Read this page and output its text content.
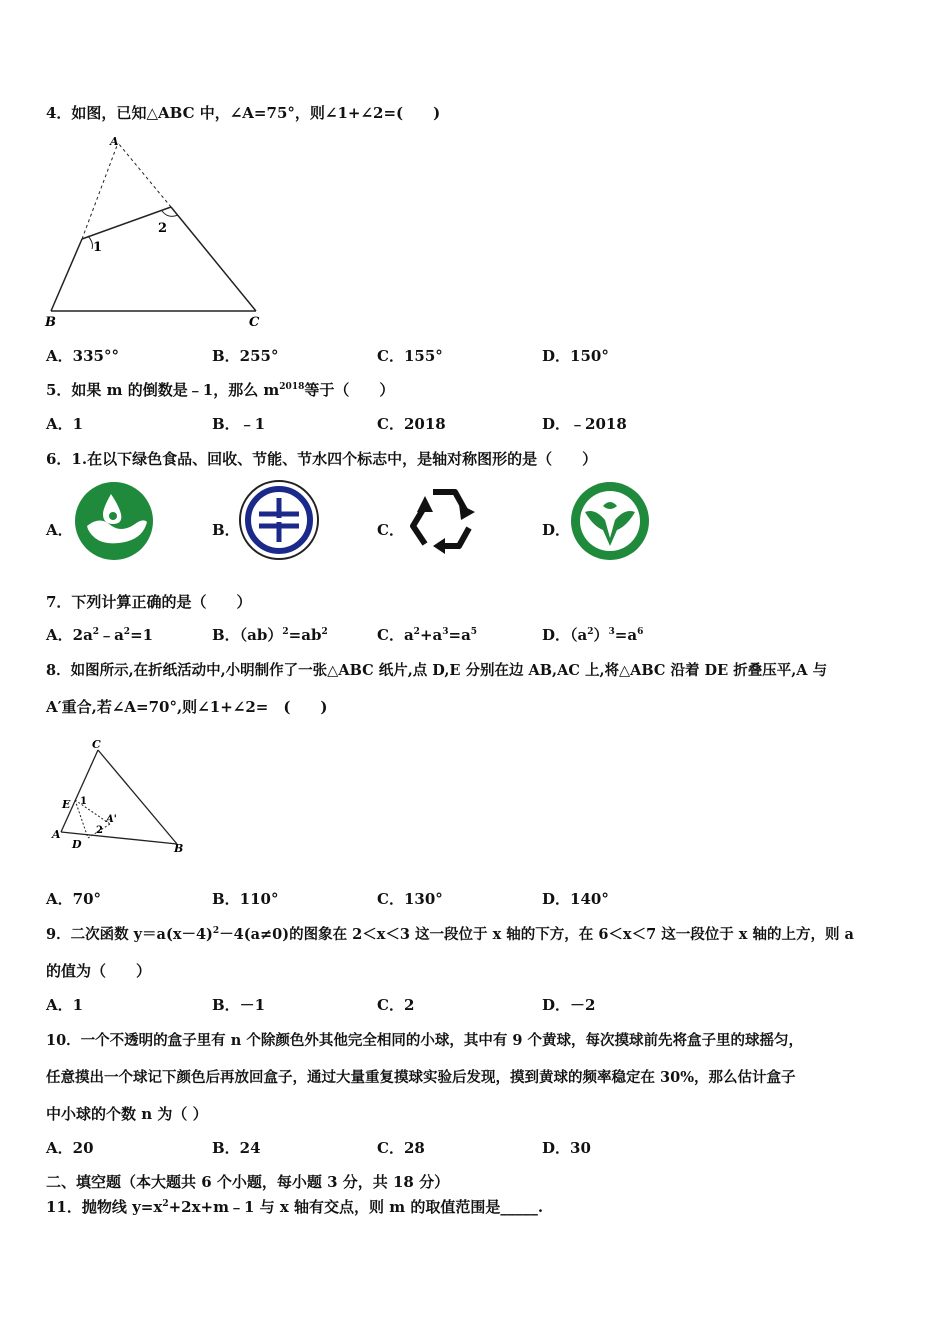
4．如图，已知△ABC 中，∠A=75°，则∠1+∠2=(　　)
A
B	C
1
2
A．335°°	B．255°	C．155°	D．150°
5．如果 m 的倒数是﹣1，那么 $m^{2018}$等于（　　）
A．1	B．﹣1	C．2018	D．﹣2018
6．1.在以下绿色食品、回收、节能、节水四个标志中，是轴对称图形的是（　　）
A．	B．	C．	D．
7．下列计算正确的是（　　）
A．$2a^2﹣a^2=1$	B．$(ab)^2=ab^2$	C．$a^2+a^3=a^5$	D．$(a^2)^3=a^6$
8．如图所示,在折纸活动中,小明制作了一张△ABC 纸片,点 D,E 分别在边 AB,AC 上,将△ABC 沿着 DE 折叠压平,A 与
A′重合,若∠A=70°,则∠1+∠2=　(　　)
C
E 1
A'
2
A
D	B
A．70°	B．110°	C．130°	D．140°
9．二次函数 $y=a(x-4)^2-4(a\ne 0)$的图象在 2＜x＜3 这一段位于 x 轴的下方，在 6＜x＜7 这一段位于 x 轴的上方，则 a
的值为（　　）
A．1	B．－1	C．2	D．－2
10．一个不透明的盒子里有 n 个除颜色外其他完全相同的小球，其中有 9 个黄球，每次摸球前先将盒子里的球摇匀，
任意摸出一个球记下颜色后再放回盒子，通过大量重复摸球实验后发现，摸到黄球的频率稳定在 30%，那么估计盒子
中小球的个数 n 为（ ）
A．20	B．24	C．28	D．30
二、填空题（本大题共 6 个小题，每小题 3 分，共 18 分）
11．抛物线 $y=x^2+2x+m﹣1$ 与 x 轴有交点，则 m 的取值范围是_____.
